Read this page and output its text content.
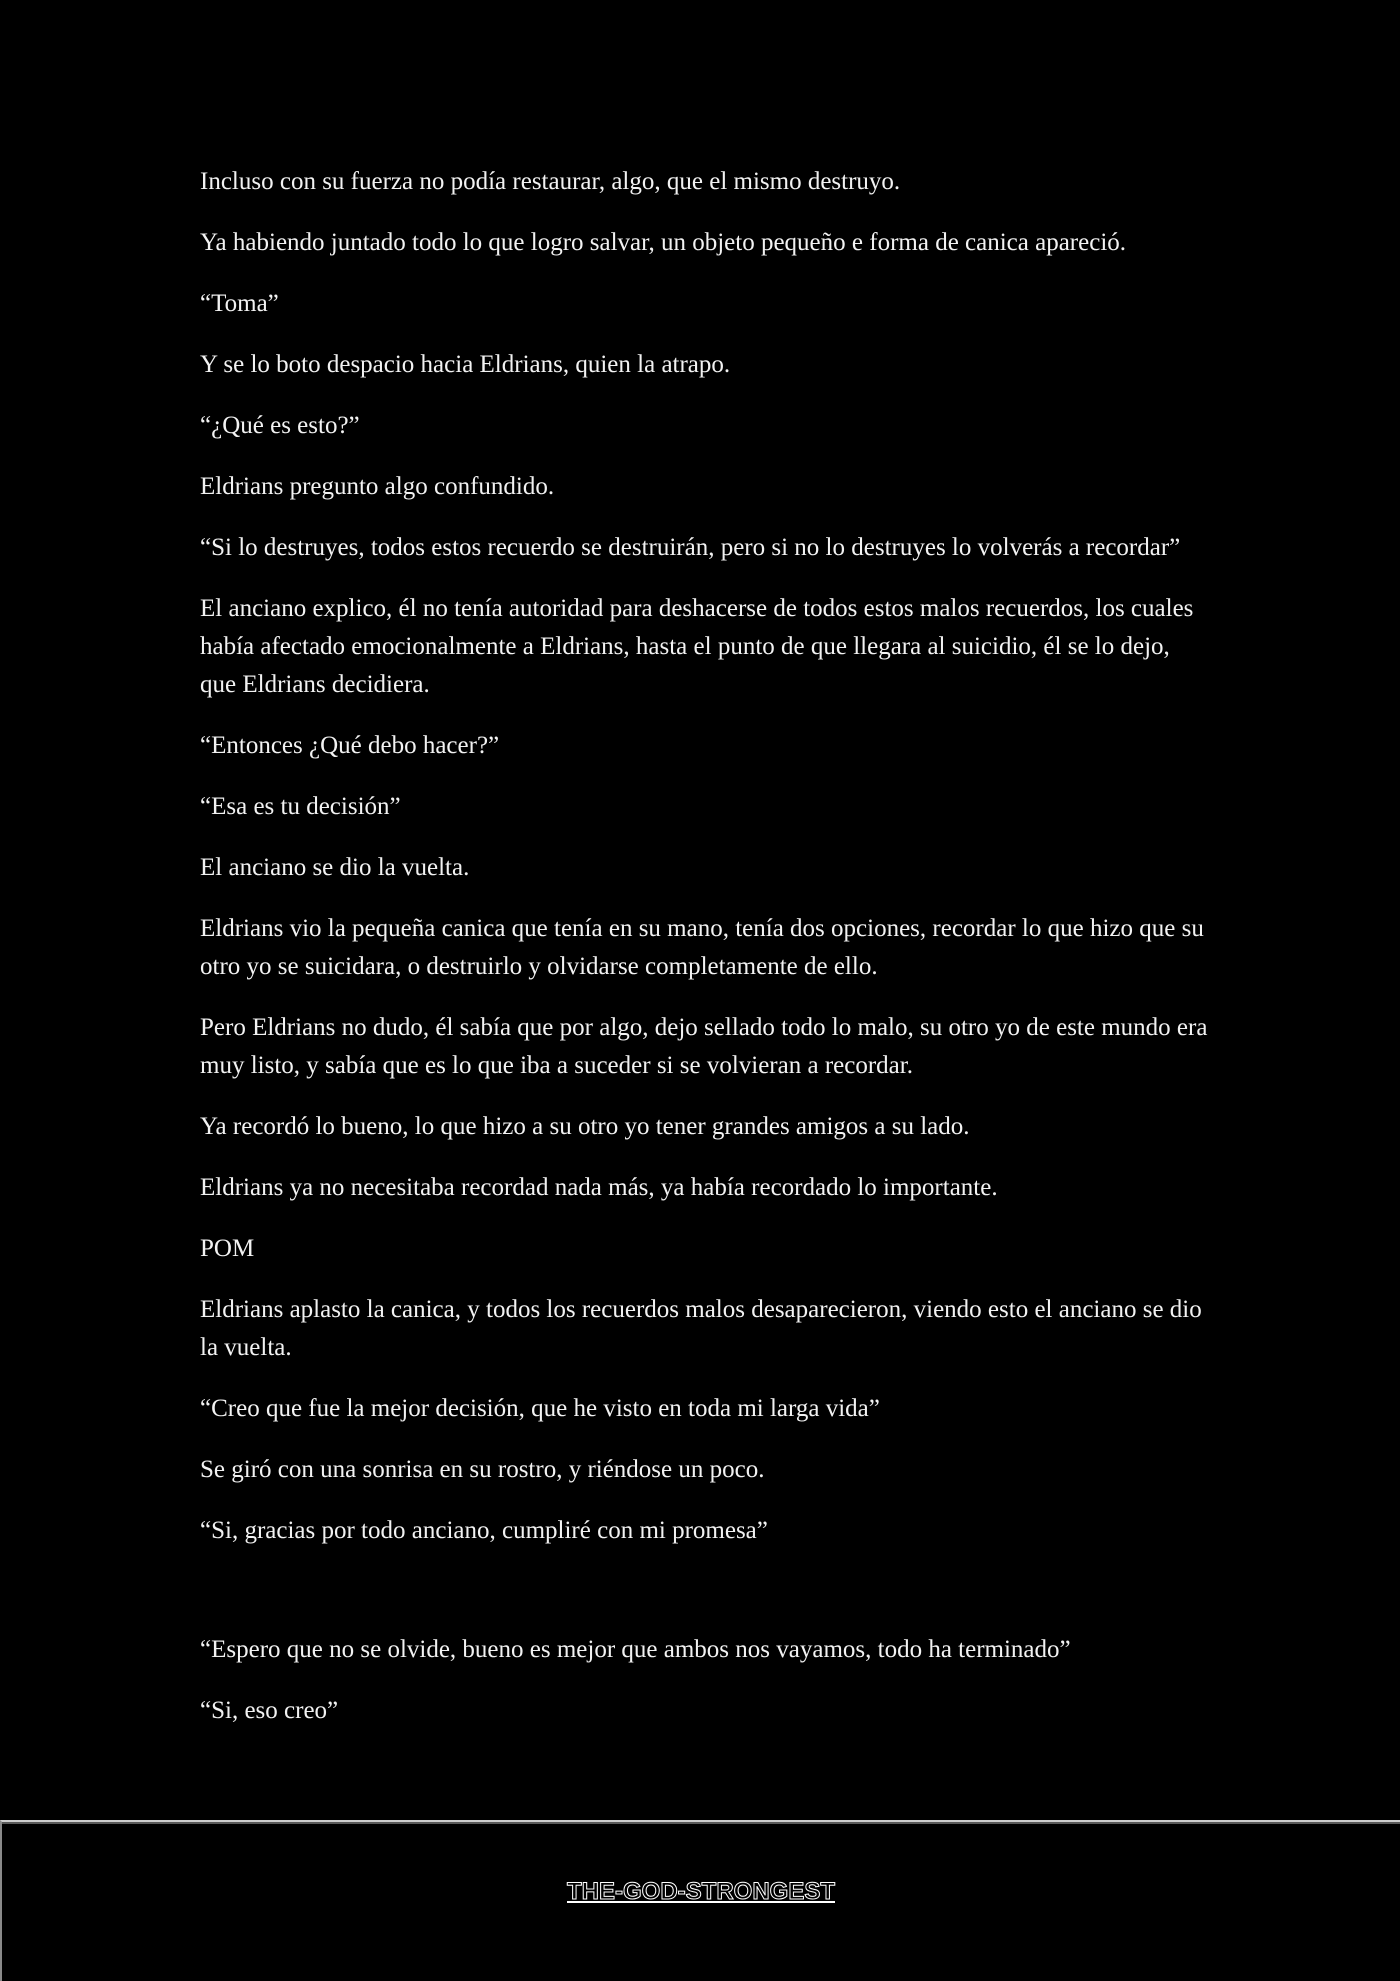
Incluso con su fuerza no podía restaurar, algo, que el mismo destruyo.

Ya habiendo juntado todo lo que logro salvar, un objeto pequeño e forma de canica apareció.

“Toma”

Y se lo boto despacio hacia Eldrians, quien la atrapo.

“¿Qué es esto?”

Eldrians pregunto algo confundido.

“Si lo destruyes, todos estos recuerdo se destruirán, pero si no lo destruyes lo volverás a recordar”

El anciano explico, él no tenía autoridad para deshacerse de todos estos malos recuerdos, los cuales había afectado emocionalmente a Eldrians, hasta el punto de que llegara al suicidio, él se lo dejo, que Eldrians decidiera.

“Entonces ¿Qué debo hacer?”

“Esa es tu decisión”

El anciano se dio la vuelta.

Eldrians vio la pequeña canica que tenía en su mano, tenía dos opciones, recordar lo que hizo que su otro yo se suicidara, o destruirlo y olvidarse completamente de ello.

Pero Eldrians no dudo, él sabía que por algo, dejo sellado todo lo malo, su otro yo de este mundo era muy listo, y sabía que es lo que iba a suceder si se volvieran a recordar.

Ya recordó lo bueno, lo que hizo a su otro yo tener grandes amigos a su lado.

Eldrians ya no necesitaba recordad nada más, ya había recordado lo importante.

POM

Eldrians aplasto la canica, y todos los recuerdos malos desaparecieron, viendo esto el anciano se dio la vuelta.

“Creo que fue la mejor decisión, que he visto en toda mi larga vida”

Se giró con una sonrisa en su rostro, y riéndose un poco.

“Si, gracias por todo anciano, cumpliré con mi promesa”

“Espero que no se olvide, bueno es mejor que ambos nos vayamos, todo ha terminado”

“Si, eso creo”

THE-GOD-STRONGEST
